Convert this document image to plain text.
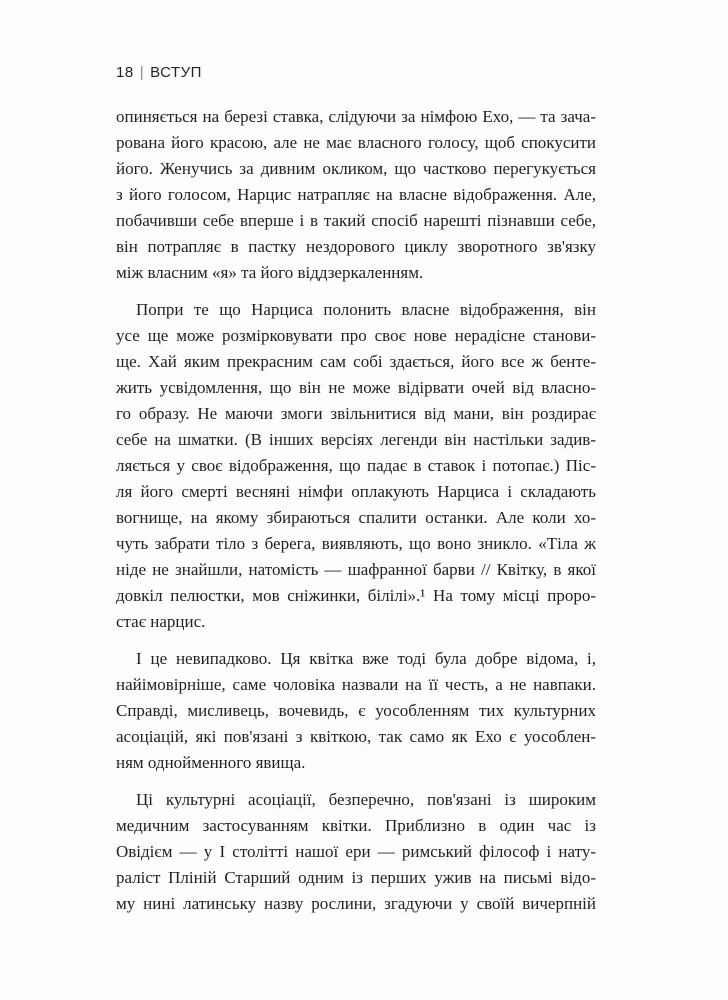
18 | ВСТУП

опиняється на березі ставка, слідуючи за німфою Ехо, — та зача-
рована його красою, але не має власного голосу, щоб спокусити
його. Женучись за дивним окликом, що частково перегукується
з його голосом, Нарцис натрапляє на власне відображення. Але,
побачивши себе вперше і в такий спосіб нарешті пізнавши себе,
він потрапляє в пастку нездорового циклу зворотного зв'язку
між власним «я» та його віддзеркаленням.

Попри те що Нарциса полонить власне відображення, він
усе ще може розмірковувати про своє нове нерадісне станови-
ще. Хай яким прекрасним сам собі здається, його все ж бенте-
жить усвідомлення, що він не може відірвати очей від власно-
го образу. Не маючи змоги звільнитися від мани, він роздирає
себе на шматки. (В інших версіях легенди він настільки задив-
ляється у своє відображення, що падає в ставок і потопає.) Піс-
ля його смерті весняні німфи оплакують Нарциса і складають
вогнище, на якому збираються спалити останки. Але коли хо-
чуть забрати тіло з берега, виявляють, що воно зникло. «Тіла ж
ніде не знайшли, натомість — шафранної барви // Квітку, в якої
довкіл пелюстки, мов сніжинки, білілі».¹ На тому місці проро-
стає нарцис.

І це невипадково. Ця квітка вже тоді була добре відома, і,
найімовірніше, саме чоловіка назвали на її честь, а не навпаки.
Справді, мисливець, вочевидь, є уособленням тих культурних
асоціацій, які пов'язані з квіткою, так само як Ехо є уособлен-
ням однойменного явища.

Ці культурні асоціації, безперечно, пов'язані із широким
медичним застосуванням квітки. Приблизно в один час із
Овідієм — у І столітті нашої ери — римський філософ і нату-
раліст Пліній Старший одним із перших ужив на письмі відо-
му нині латинську назву рослини, згадуючи у своїй вичерпній
